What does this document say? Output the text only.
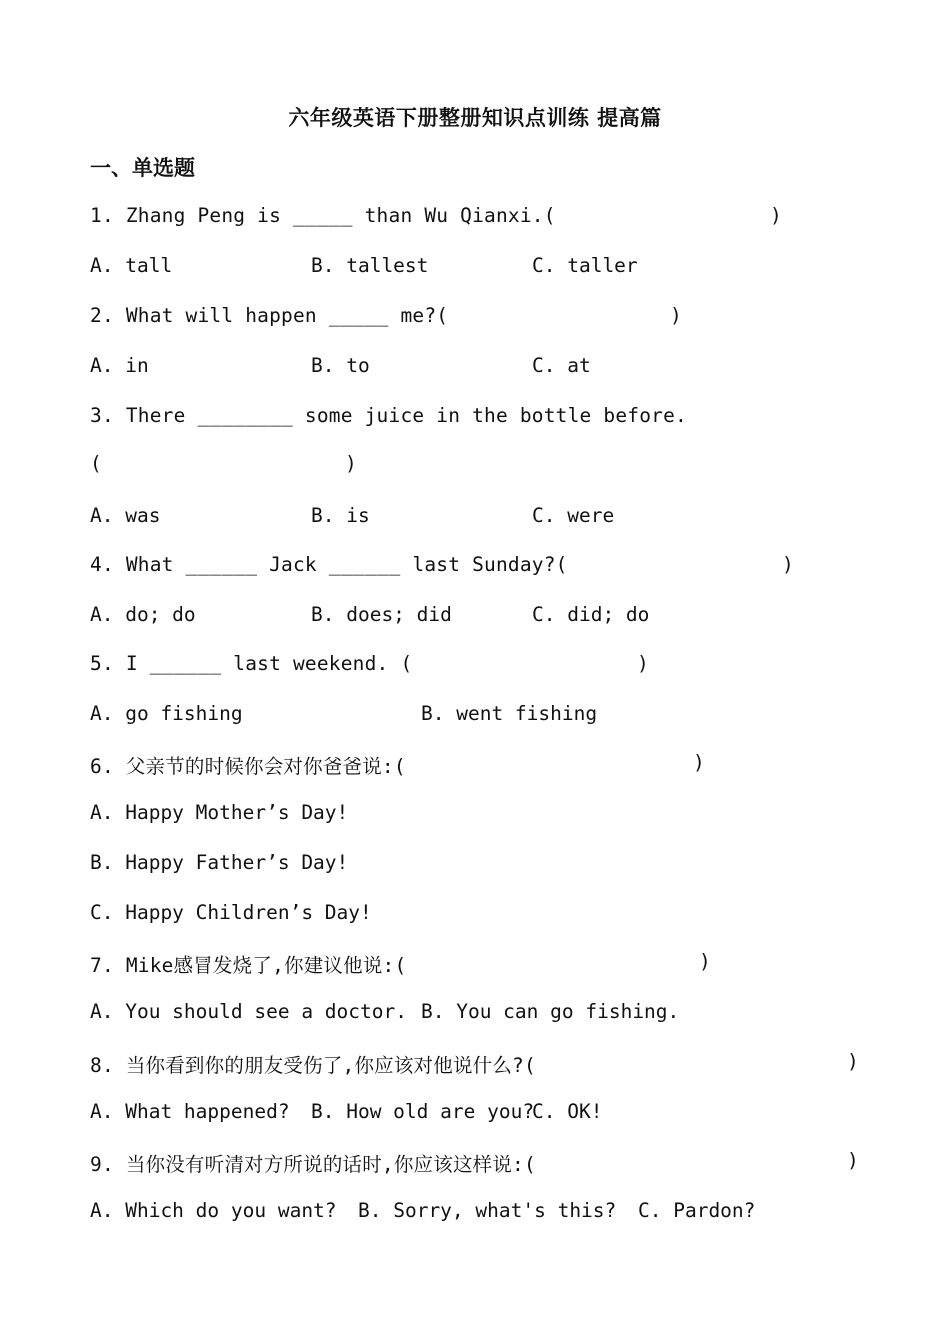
六年级英语下册整册知识点训练 提高篇
一、单选题
1. Zhang Peng is _____ than Wu Qianxi.(	)
A. tall	B. tallest	C. taller
2. What will happen _____ me?(	)
A. in	B. to	C. at
3. There ________ some juice in the bottle before.
(	)
A. was	B. is	C. were
4. What ______ Jack ______ last Sunday?(	)
A. do; do	B. does; did	C. did; do
5. I ______ last weekend. (	)
A. go fishing	B. went fishing
6. 父亲节的时候你会对你爸爸说:(	)
A. Happy Mother’s Day!
B. Happy Father’s Day!
C. Happy Children’s Day!
7. Mike感冒发烧了,你建议他说:(	)
A. You should see a doctor. B. You can go fishing.
8. 当你看到你的朋友受伤了,你应该对他说什么?(	)
A. What happened? B. How old are you?
C. OK!
9. 当你没有听清对方所说的话时,你应该这样说:(	)
A. Which do you want? B. Sorry, what's this? C. Pardon?
